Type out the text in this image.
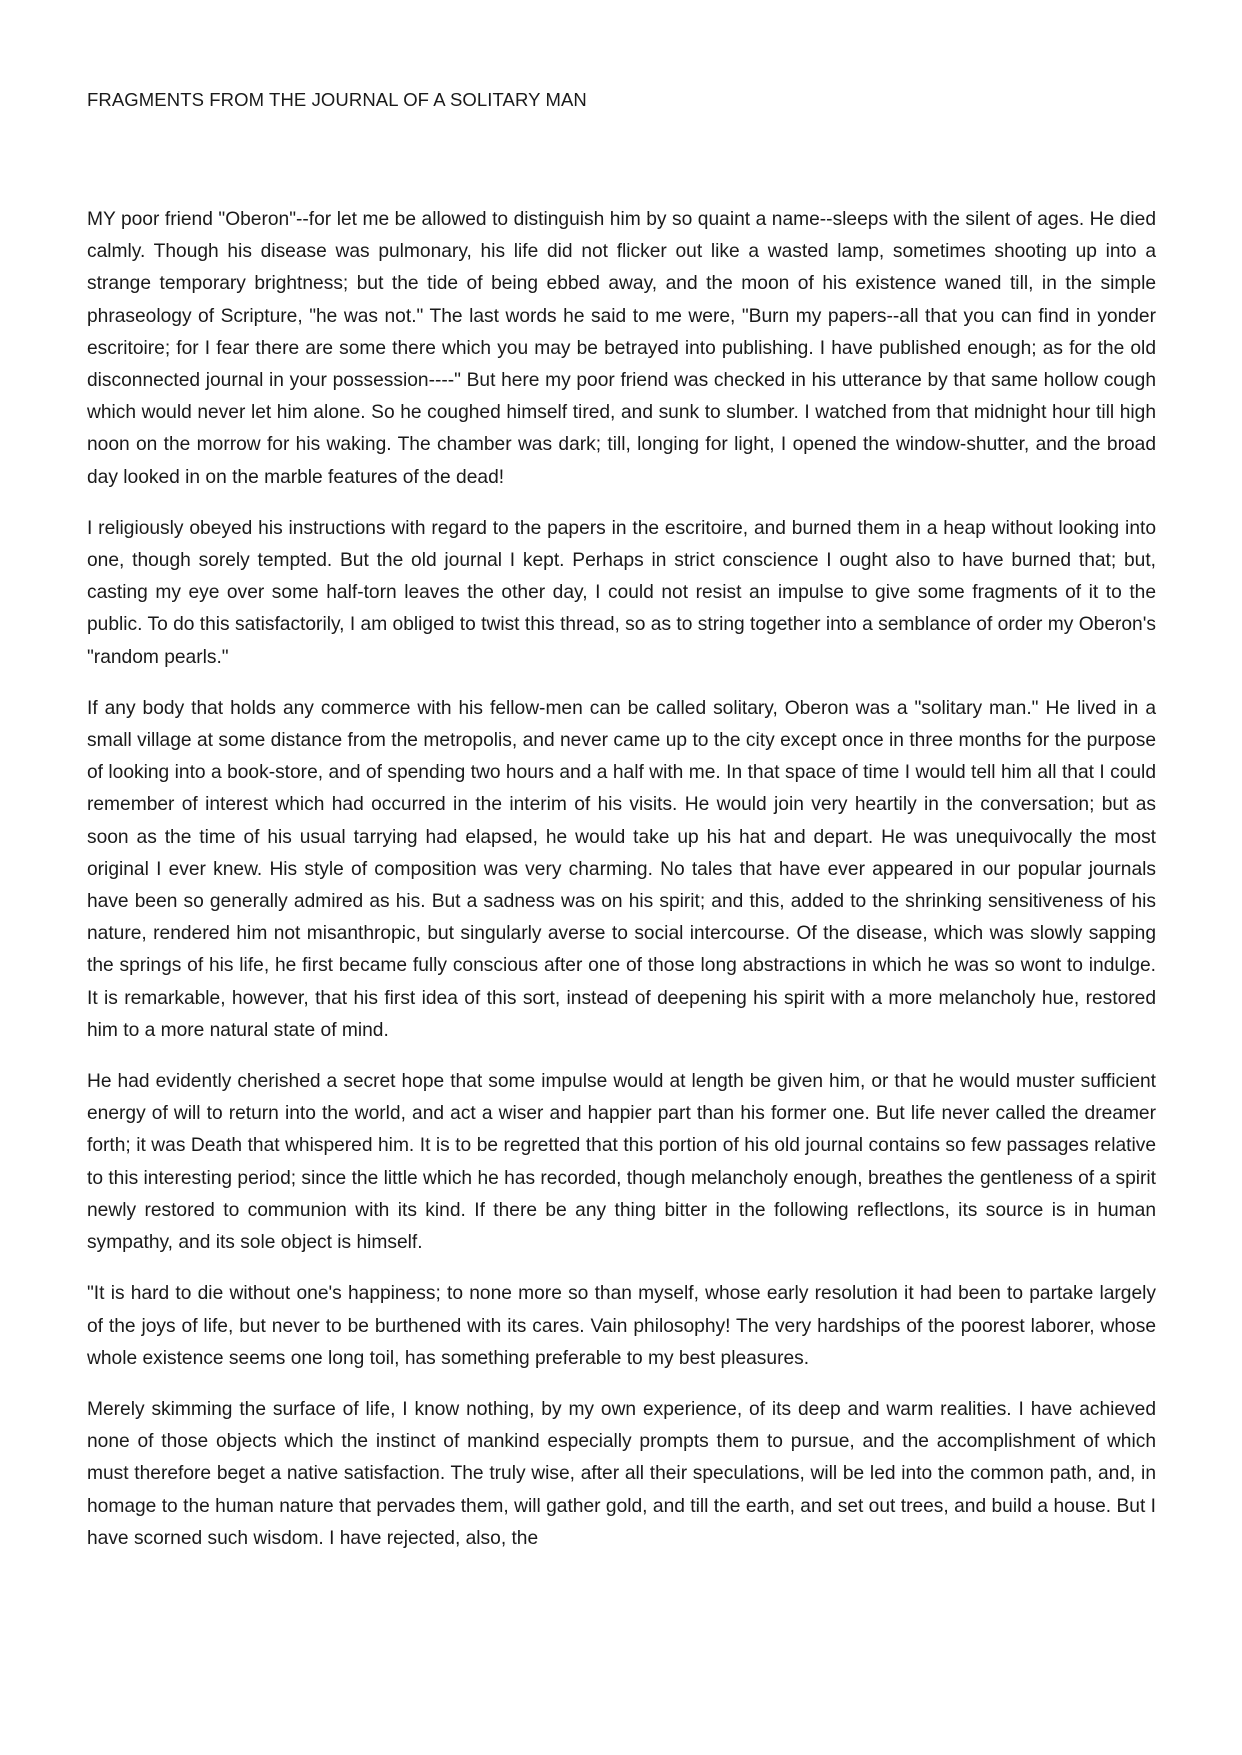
FRAGMENTS FROM THE JOURNAL OF A SOLITARY MAN

MY poor friend "Oberon"--for let me be allowed to distinguish him by so quaint a name--sleeps with the silent of ages. He died calmly. Though his disease was pulmonary, his life did not flicker out like a wasted lamp, sometimes shooting up into a strange temporary brightness; but the tide of being ebbed away, and the moon of his existence waned till, in the simple phraseology of Scripture, "he was not." The last words he said to me were, "Burn my papers--all that you can find in yonder escritoire; for I fear there are some there which you may be betrayed into publishing. I have published enough; as for the old disconnected journal in your possession----" But here my poor friend was checked in his utterance by that same hollow cough which would never let him alone. So he coughed himself tired, and sunk to slumber. I watched from that midnight hour till high noon on the morrow for his waking. The chamber was dark; till, longing for light, I opened the window-shutter, and the broad day looked in on the marble features of the dead!

I religiously obeyed his instructions with regard to the papers in the escritoire, and burned them in a heap without looking into one, though sorely tempted. But the old journal I kept. Perhaps in strict conscience I ought also to have burned that; but, casting my eye over some half-torn leaves the other day, I could not resist an impulse to give some fragments of it to the public. To do this satisfactorily, I am obliged to twist this thread, so as to string together into a semblance of order my Oberon's "random pearls."

If any body that holds any commerce with his fellow-men can be called solitary, Oberon was a "solitary man." He lived in a small village at some distance from the metropolis, and never came up to the city except once in three months for the purpose of looking into a book-store, and of spending two hours and a half with me. In that space of time I would tell him all that I could remember of interest which had occurred in the interim of his visits. He would join very heartily in the conversation; but as soon as the time of his usual tarrying had elapsed, he would take up his hat and depart. He was unequivocally the most original I ever knew. His style of composition was very charming. No tales that have ever appeared in our popular journals have been so generally admired as his. But a sadness was on his spirit; and this, added to the shrinking sensitiveness of his nature, rendered him not misanthropic, but singularly averse to social intercourse. Of the disease, which was slowly sapping the springs of his life, he first became fully conscious after one of those long abstractions in which he was so wont to indulge. It is remarkable, however, that his first idea of this sort, instead of deepening his spirit with a more melancholy hue, restored him to a more natural state of mind.

He had evidently cherished a secret hope that some impulse would at length be given him, or that he would muster sufficient energy of will to return into the world, and act a wiser and happier part than his former one. But life never called the dreamer forth; it was Death that whispered him. It is to be regretted that this portion of his old journal contains so few passages relative to this interesting period; since the little which he has recorded, though melancholy enough, breathes the gentleness of a spirit newly restored to communion with its kind. If there be any thing bitter in the following reflectlons, its source is in human sympathy, and its sole object is himself.

"It is hard to die without one's happiness; to none more so than myself, whose early resolution it had been to partake largely of the joys of life, but never to be burthened with its cares. Vain philosophy! The very hardships of the poorest laborer, whose whole existence seems one long toil, has something preferable to my best pleasures.

Merely skimming the surface of life, I know nothing, by my own experience, of its deep and warm realities. I have achieved none of those objects which the instinct of mankind especially prompts them to pursue, and the accomplishment of which must therefore beget a native satisfaction. The truly wise, after all their speculations, will be led into the common path, and, in homage to the human nature that pervades them, will gather gold, and till the earth, and set out trees, and build a house. But I have scorned such wisdom. I have rejected, also, the
